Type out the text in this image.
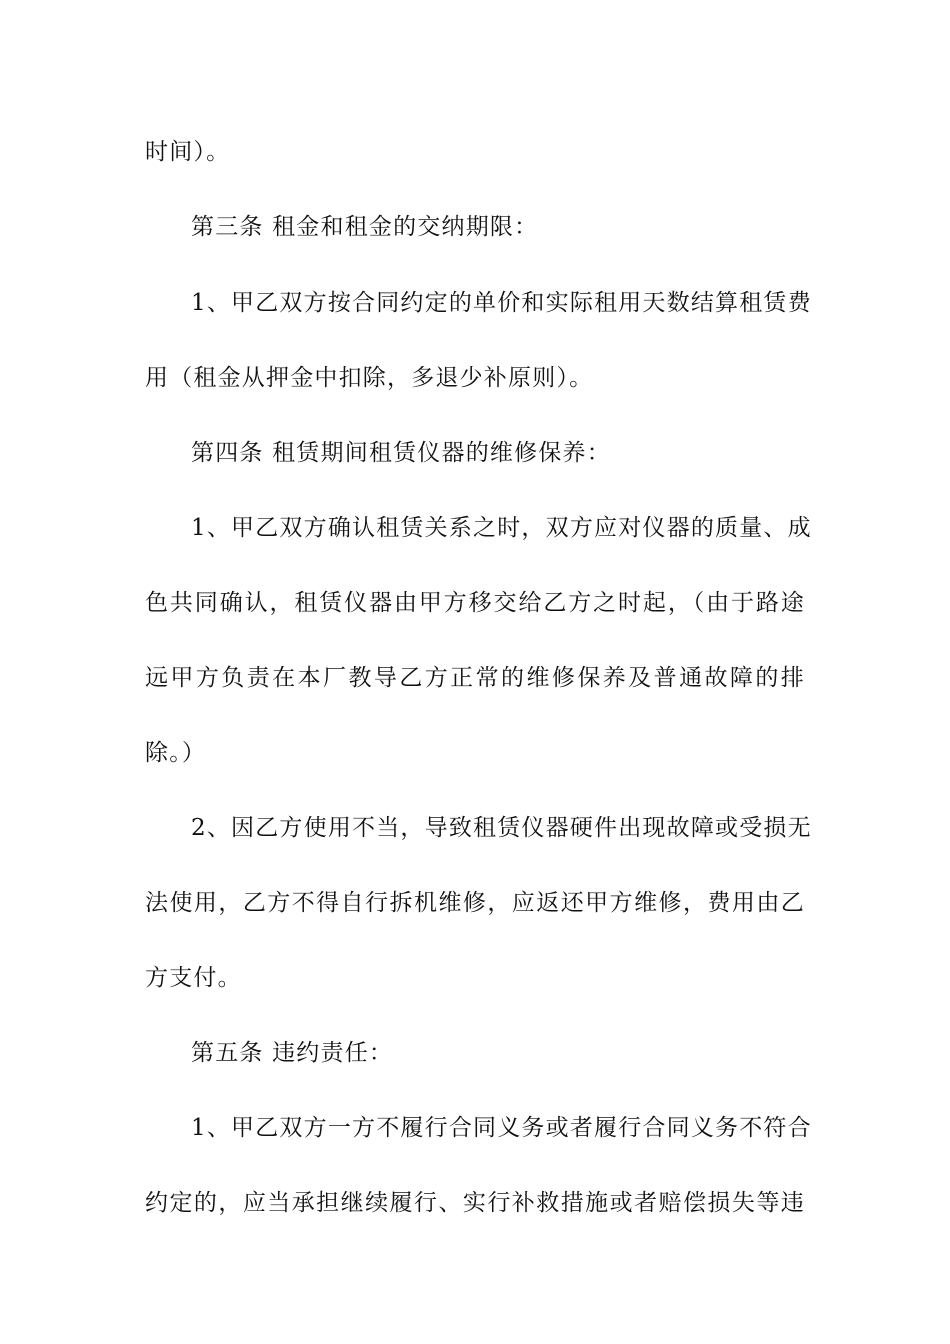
时间）。
第三条 租金和租金的交纳期限：
1、甲乙双方按合同约定的单价和实际租用天数结算租赁费
用（租金从押金中扣除，多退少补原则）。
第四条 租赁期间租赁仪器的维修保养：
1、甲乙双方确认租赁关系之时，双方应对仪器的质量、成
色共同确认，租赁仪器由甲方移交给乙方之时起，（由于路途
远甲方负责在本厂教导乙方正常的维修保养及普通故障的排
除。）
2、因乙方使用不当，导致租赁仪器硬件出现故障或受损无
法使用，乙方不得自行拆机维修，应返还甲方维修，费用由乙
方支付。
第五条 违约责任：
1、甲乙双方一方不履行合同义务或者履行合同义务不符合
约定的，应当承担继续履行、实行补救措施或者赔偿损失等违
